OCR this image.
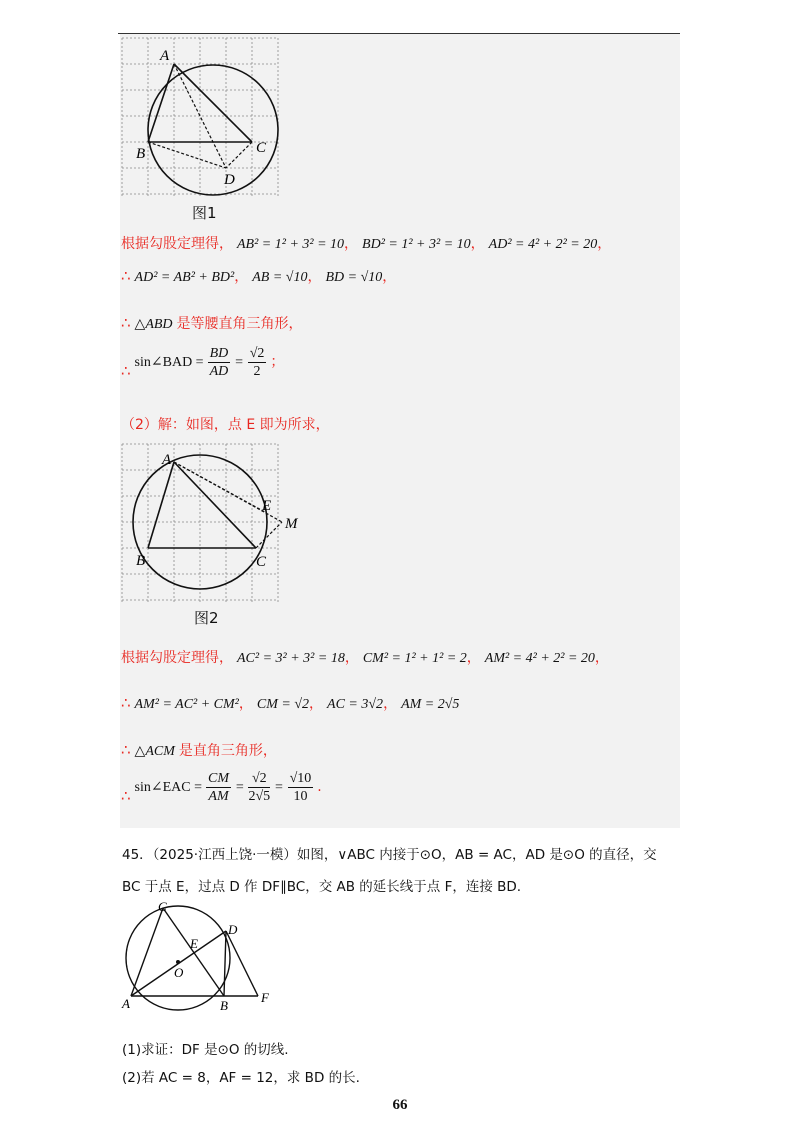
A
B	C
D
图1
根据勾股定理得， AB² = 1² + 3² = 10， BD² = 1² + 3² = 10， AD² = 4² + 2² = 20，
∴ AD² = AB² + BD²， AB = √10， BD = √10，
∴ △ABD 是等腰直角三角形，
∴ sin∠BAD = $\frac{BD}{AD} = \frac{√2}{2}$ ；
（2）解：如图，点 E 即为所求，
A
B	C
E
M
图2
根据勾股定理得， AC² = 3² + 3² = 18， CM² = 1² + 1² = 2， AM² = 4² + 2² = 20，
∴ AM² = AC² + CM²， CM = √2， AC = 3√2， AM = 2√5
∴ △ACM 是直角三角形，
∴ sin∠EAC = $\frac{CM}{AM} = \frac{√2}{2√5} = \frac{√10}{10}$ .
45．（2025·江西上饶·一模）如图，∨ABC 内接于⊙O，AB = AC，AD 是⊙O 的直径，交
BC 于点 E，过点 D 作 DF∥BC，交 AB 的延长线于点 F，连接 BD.
C
D
E
O
A	B
F
(1)求证：DF 是⊙O 的切线.
(2)若 AC = 8，AF = 12，求 BD 的长.
66
